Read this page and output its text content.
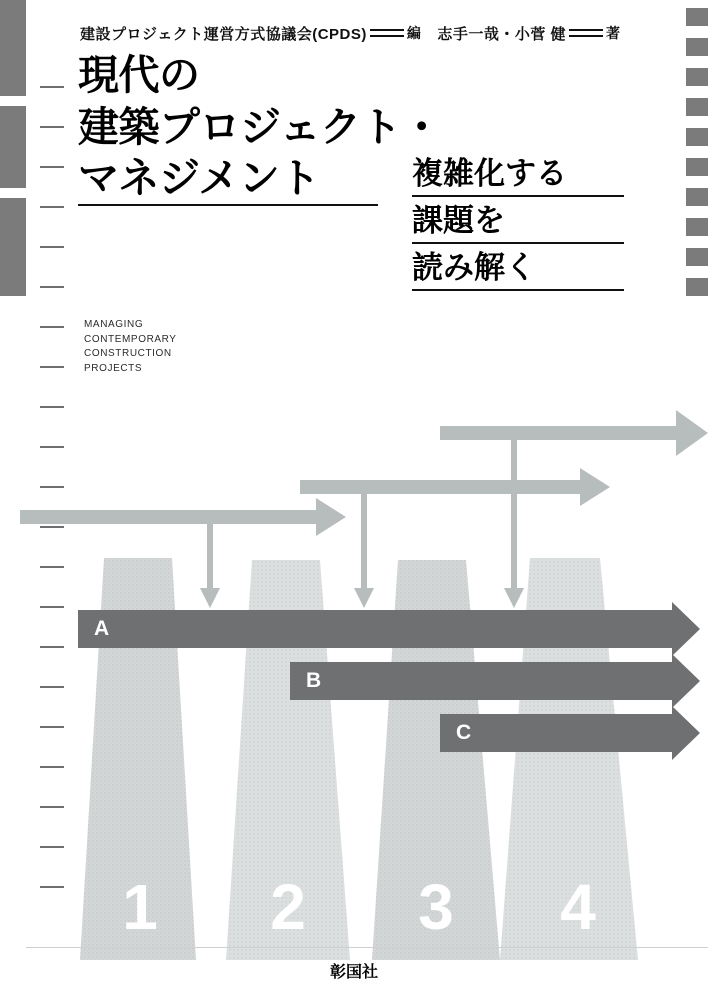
建設プロジェクト運営方式協議会(CPDS)	編 志手一哉・小菅 健	著
現代の
建築プロジェクト・
マネジメント	複雑化する
課題を
読み解く
MANAGING
CONTEMPORARY
CONSTRUCTION
PROJECTS
A
B
C
1 2 3 4
彰国社
